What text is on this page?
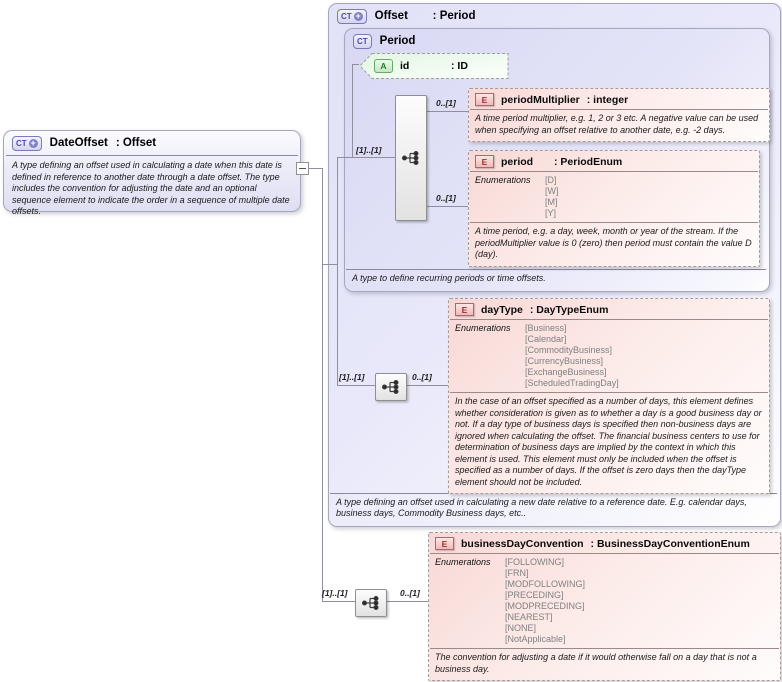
CT + Offset	: Period
CT Period
A type to define recurring periods or time offsets.
A type defining an offset used in calculating a new date relative to a reference date. E.g. calendar days, business days, Commodity Business days, etc..
[1]..[1]
0..[1]
0..[1]
[1]..[1]	0..[1]
[1]..[1]	0..[1]
A id	: ID
E periodMultiplier : integer
A time period multiplier, e.g. 1, 2 or 3 etc. A negative value can be used when specifying an offset relative to another date, e.g. -2 days.
E period	: PeriodEnum
Enumerations	[D]
[W]
[M]
[Y]
A time period, e.g. a day, week, month or year of the stream. If the periodMultiplier value is 0 (zero) then period must contain the value D (day).
E dayType : DayTypeEnum
Enumerations	[Business]
[Calendar]
[CommodityBusiness]
[CurrencyBusiness]
[ExchangeBusiness]
[ScheduledTradingDay]
In the case of an offset specified as a number of days, this element defines whether consideration is given as to whether a day is a good business day or not. If a day type of business days is specified then non-business days are ignored when calculating the offset. The financial business centers to use for determination of business days are implied by the context in which this element is used. This element must only be included when the offset is specified as a number of days. If the offset is zero days then the dayType element should not be included.
E businessDayConvention : BusinessDayConventionEnum
Enumerations	[FOLLOWING]
[FRN]
[MODFOLLOWING]
[PRECEDING]
[MODPRECEDING]
[NEAREST]
[NONE]
[NotApplicable]
The convention for adjusting a date if it would otherwise fall on a day that is not a business day.
CT + DateOffset : Offset
A type defining an offset used in calculating a date when this date is defined in reference to another date through a date offset. The type includes the convention for adjusting the date and an optional sequence element to indicate the order in a sequence of multiple date offsets.
